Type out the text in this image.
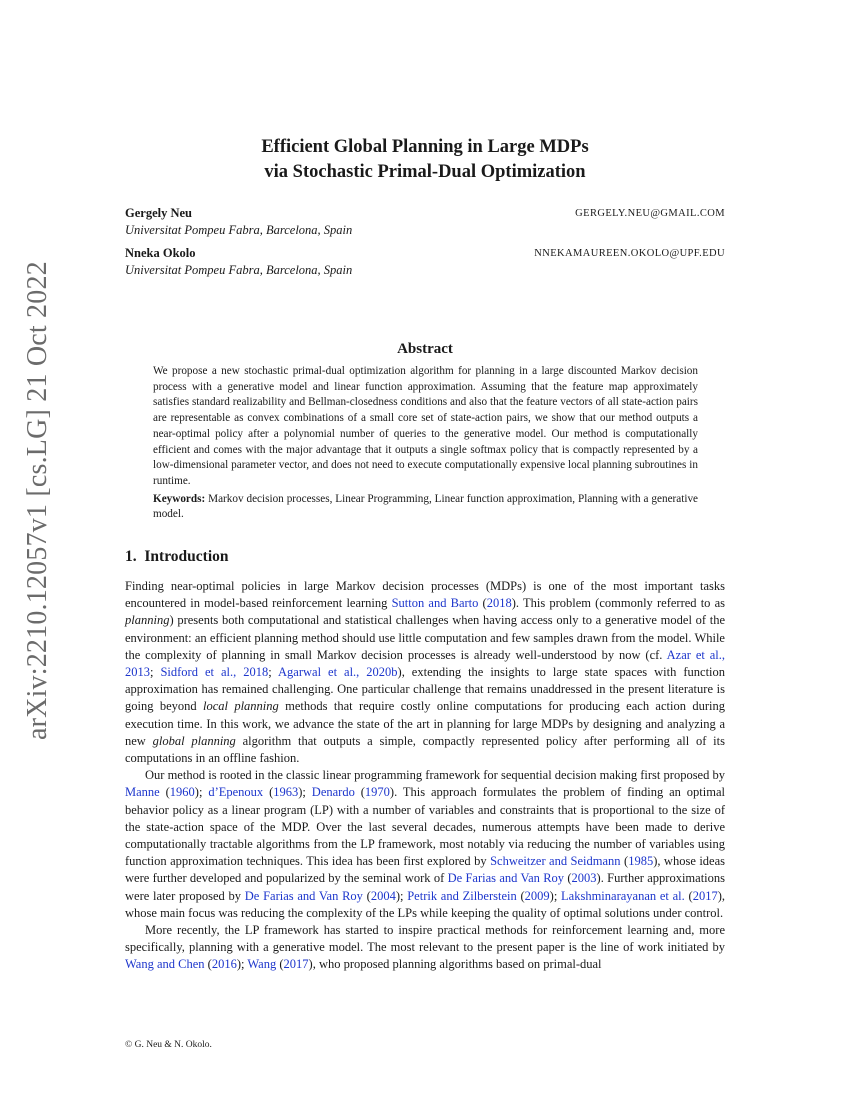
arXiv:2210.12057v1 [cs.LG] 21 Oct 2022
Efficient Global Planning in Large MDPs
via Stochastic Primal-Dual Optimization
Gergely Neu	GERGELY.NEU@GMAIL.COM
Universitat Pompeu Fabra, Barcelona, Spain
Nneka Okolo	NNEKAMAUREEN.OKOLO@UPF.EDU
Universitat Pompeu Fabra, Barcelona, Spain
Abstract

We propose a new stochastic primal-dual optimization algorithm for planning in a large discounted Markov decision process with a generative model and linear function approximation. Assuming that the feature map approximately satisfies standard realizability and Bellman-closedness conditions and also that the feature vectors of all state-action pairs are representable as convex combinations of a small core set of state-action pairs, we show that our method outputs a near-optimal policy after a polynomial number of queries to the generative model. Our method is computationally efficient and comes with the major advantage that it outputs a single softmax policy that is compactly represented by a low-dimensional parameter vector, and does not need to execute computationally expensive local planning subroutines in runtime.

Keywords: Markov decision processes, Linear Programming, Linear function approximation, Planning with a generative model.

1. Introduction

Finding near-optimal policies in large Markov decision processes (MDPs) is one of the most important tasks encountered in model-based reinforcement learning Sutton and Barto (2018). This problem (commonly referred to as planning) presents both computational and statistical challenges when having access only to a generative model of the environment: an efficient planning method should use little computation and few samples drawn from the model. While the complexity of planning in small Markov decision processes is already well-understood by now (cf. Azar et al., 2013; Sidford et al., 2018; Agarwal et al., 2020b), extending the insights to large state spaces with function approximation has remained challenging. One particular challenge that remains unaddressed in the present literature is going beyond local planning methods that require costly online computations for producing each action during execution time. In this work, we advance the state of the art in planning for large MDPs by designing and analyzing a new global planning algorithm that outputs a simple, compactly represented policy after performing all of its computations in an offline fashion.

Our method is rooted in the classic linear programming framework for sequential decision making first proposed by Manne (1960); d’Epenoux (1963); Denardo (1970). This approach formulates the problem of finding an optimal behavior policy as a linear program (LP) with a number of variables and constraints that is proportional to the size of the state-action space of the MDP. Over the last several decades, numerous attempts have been made to derive computationally tractable algorithms from the LP framework, most notably via reducing the number of variables using function approximation techniques. This idea has been first explored by Schweitzer and Seidmann (1985), whose ideas were further developed and popularized by the seminal work of De Farias and Van Roy (2003). Further approximations were later proposed by De Farias and Van Roy (2004); Petrik and Zilberstein (2009); Lakshminarayanan et al. (2017), whose main focus was reducing the complexity of the LPs while keeping the quality of optimal solutions under control.

More recently, the LP framework has started to inspire practical methods for reinforcement learning and, more specifically, planning with a generative model. The most relevant to the present paper is the line of work initiated by Wang and Chen (2016); Wang (2017), who proposed planning algorithms based on primal-dual

© G. Neu & N. Okolo.
